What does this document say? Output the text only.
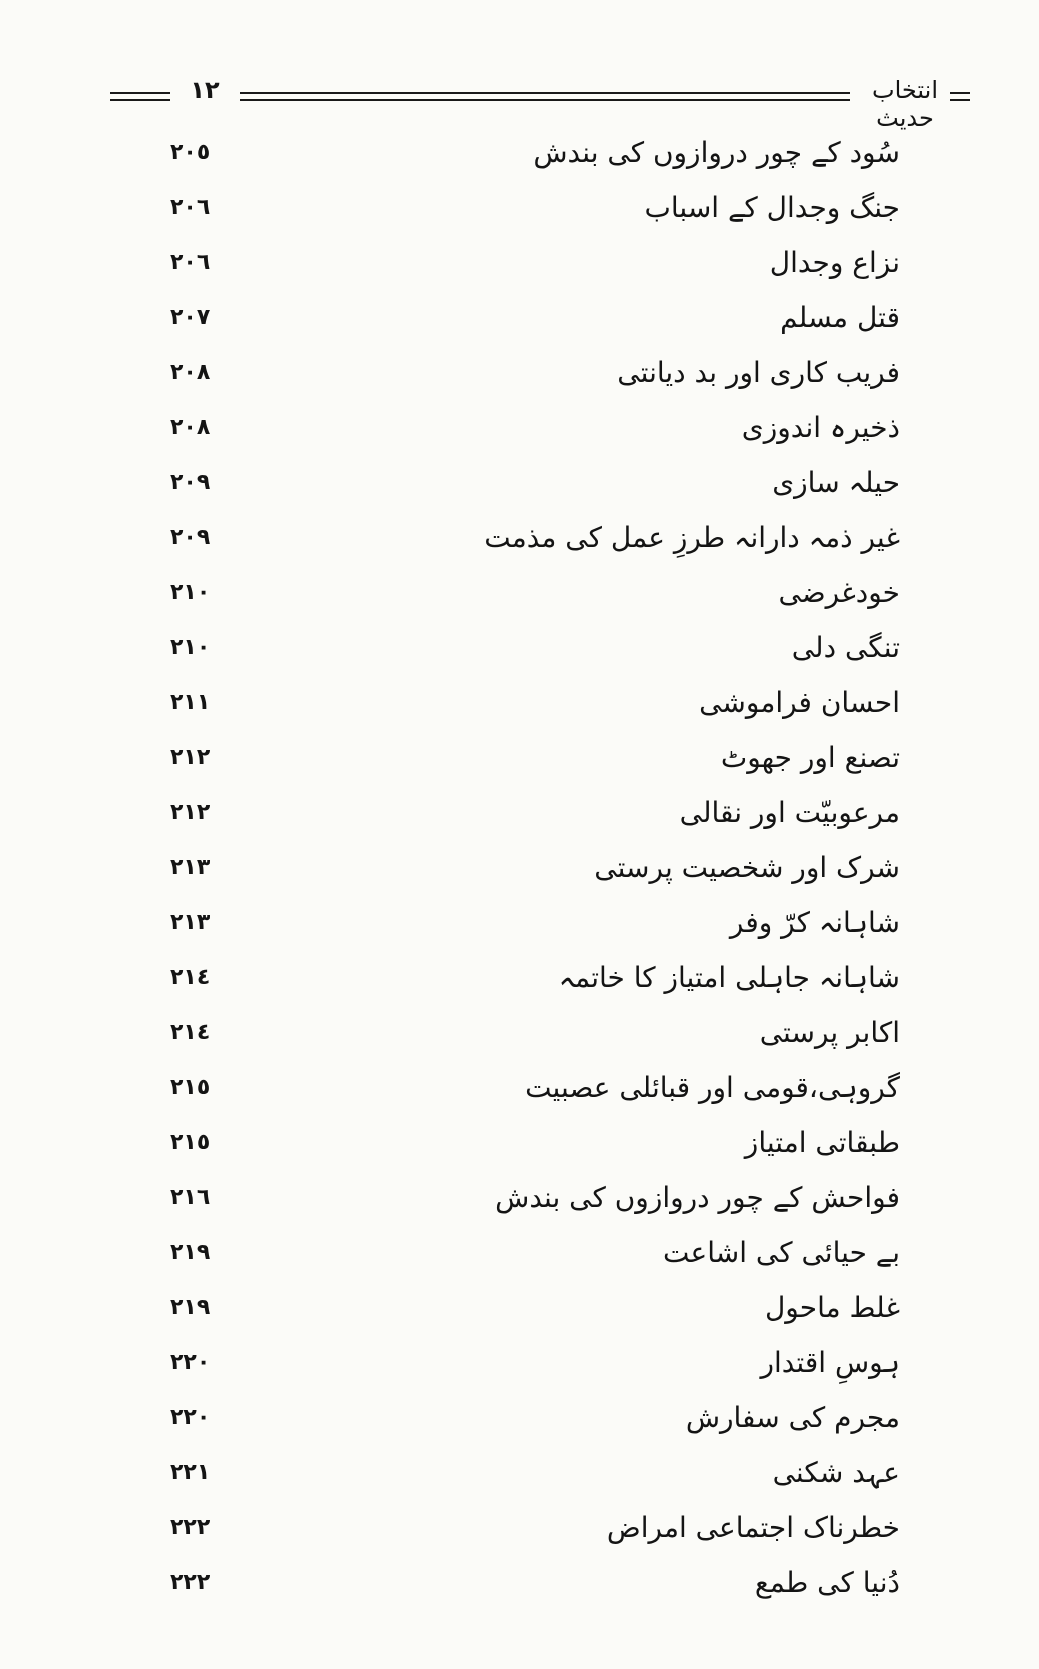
١٢	انتخاب حدیث
٢٠٥	سُود کے چور دروازوں کی بندش
٢٠٦	جنگ وجدال کے اسباب
٢٠٦	نزاع وجدال
٢٠٧	قتل مسلم
٢٠٨	فریب کاری اور بد دیانتی
٢٠٨	ذخیرہ اندوزی
٢٠٩	حیلہ سازی
٢٠٩	غیر ذمہ دارانہ طرزِ عمل کی مذمت
٢١٠	خودغرضی
٢١٠	تنگی دلی
٢١١	احسان فراموشی
٢١٢	تصنع اور جھوٹ
٢١٢	مرعوبیّت اور نقالی
٢١٣	شرک اور شخصیت پرستی
٢١٣	شاہانہ کرّ وفر
٢١٤	شاہانہ جاہلی امتیاز کا خاتمہ
٢١٤	اکابر پرستی
٢١٥	گروہی،قومی اور قبائلی عصبیت
٢١٥	طبقاتی امتیاز
٢١٦	فواحش کے چور دروازوں کی بندش
٢١٩	بے حیائی کی اشاعت
٢١٩	غلط ماحول
٢٢٠	ہوسِ اقتدار
٢٢٠	مجرم کی سفارش
٢٢١	عہد شکنی
٢٢٢	خطرناک اجتماعی امراض
٢٢٢	دُنیا کی طمع
